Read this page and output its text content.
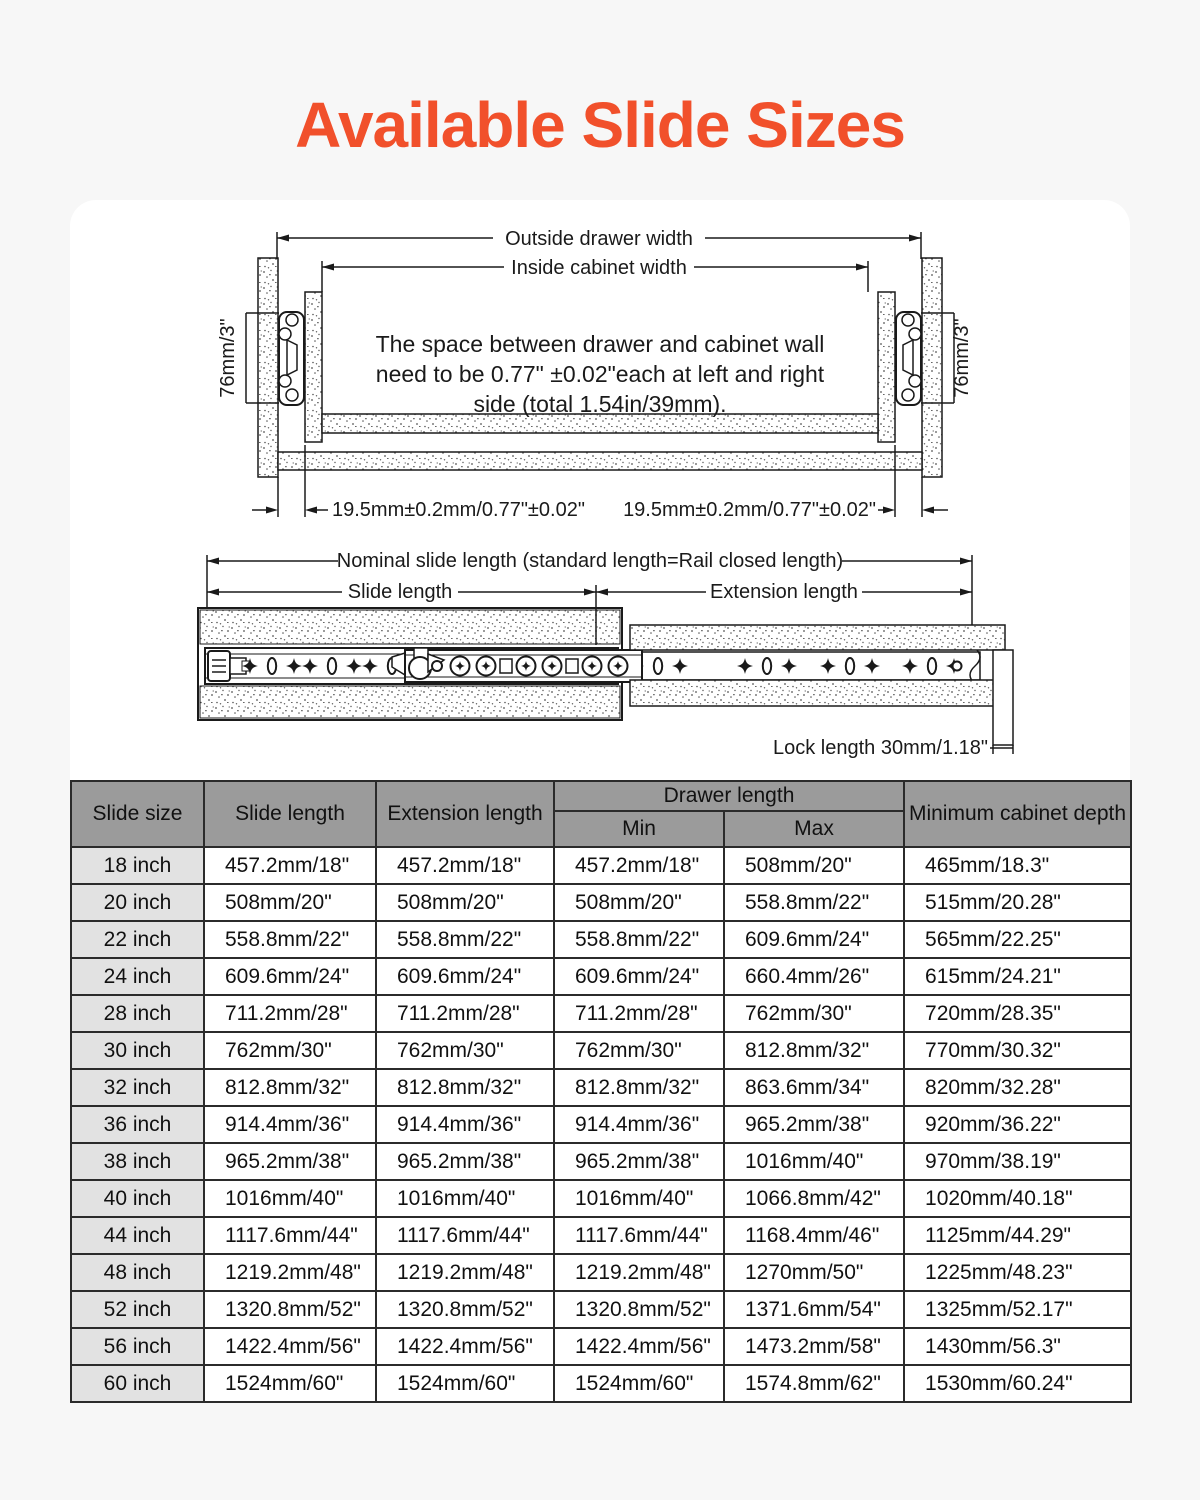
Available Slide Sizes
Outside drawer width
Inside cabinet width
The space between drawer and cabinet wall
need to be 0.77" ±0.02"each at left and right
side (total 1.54in/39mm).
76mm/3"	76mm/3"
19.5mm±0.2mm/0.77"±0.02" 19.5mm±0.2mm/0.77"±0.02"
Nominal slide length (standard length=Rail closed length)
Slide length	Extension length
Lock length 30mm/1.18"
Slide size	Slide length	Extension length	Drawer length		Minimum cabinet depth
			Min	Max	
18 inch	457.2mm/18"	457.2mm/18"	457.2mm/18"	508mm/20"	465mm/18.3"
20 inch	508mm/20"	508mm/20"	508mm/20"	558.8mm/22"	515mm/20.28"
22 inch	558.8mm/22"	558.8mm/22"	558.8mm/22"	609.6mm/24"	565mm/22.25"
24 inch	609.6mm/24"	609.6mm/24"	609.6mm/24"	660.4mm/26"	615mm/24.21"
28 inch	711.2mm/28"	711.2mm/28"	711.2mm/28"	762mm/30"	720mm/28.35"
30 inch	762mm/30"	762mm/30"	762mm/30"	812.8mm/32"	770mm/30.32"
32 inch	812.8mm/32"	812.8mm/32"	812.8mm/32"	863.6mm/34"	820mm/32.28"
36 inch	914.4mm/36"	914.4mm/36"	914.4mm/36"	965.2mm/38"	920mm/36.22"
38 inch	965.2mm/38"	965.2mm/38"	965.2mm/38"	1016mm/40"	970mm/38.19"
40 inch	1016mm/40"	1016mm/40"	1016mm/40"	1066.8mm/42"	1020mm/40.18"
44 inch	1117.6mm/44"	1117.6mm/44"	1117.6mm/44"	1168.4mm/46"	1125mm/44.29"
48 inch	1219.2mm/48"	1219.2mm/48"	1219.2mm/48"	1270mm/50"	1225mm/48.23"
52 inch	1320.8mm/52"	1320.8mm/52"	1320.8mm/52"	1371.6mm/54"	1325mm/52.17"
56 inch	1422.4mm/56"	1422.4mm/56"	1422.4mm/56"	1473.2mm/58"	1430mm/56.3"
60 inch	1524mm/60"	1524mm/60"	1524mm/60"	1574.8mm/62"	1530mm/60.24"
